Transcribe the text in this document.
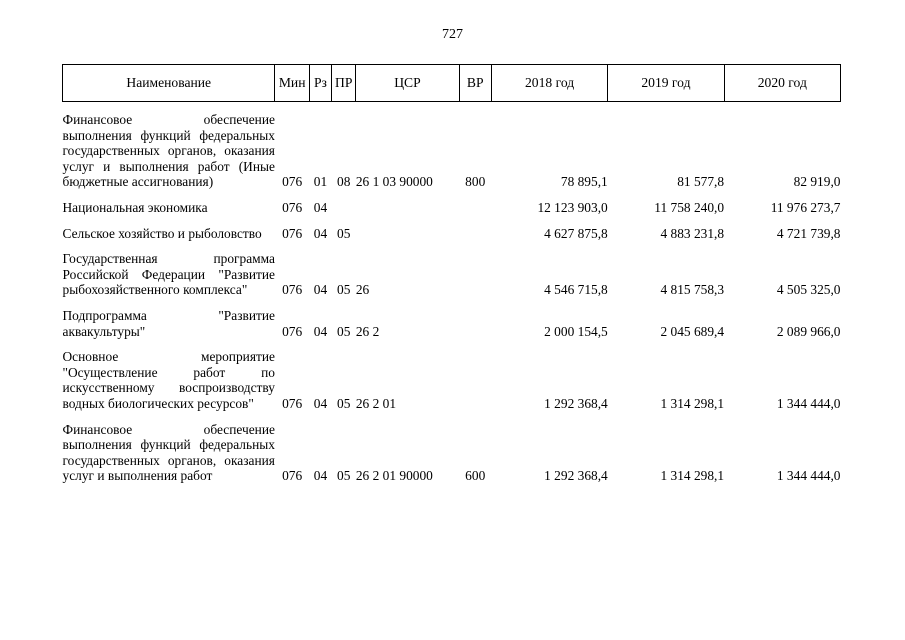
727
Наименование	Мин	Рз	ПР	ЦСР	ВР	2018 год	2019 год	2020 год

Финансовое обеспечение выполнения функций федеральных государственных органов, оказания услуг и выполнения работ (Иные бюджетные ассигнования)	076	01	08	26 1 03 90000	800	78 895,1	81 577,8	82 919,0

Национальная экономика	076	04				12 123 903,0	11 758 240,0	11 976 273,7

Сельское хозяйство и рыболовство	076	04	05			4 627 875,8	4 883 231,8	4 721 739,8

Государственная программа Российской Федерации "Развитие рыбохозяйственного комплекса"	076	04	05	26		4 546 715,8	4 815 758,3	4 505 325,0

Подпрограмма "Развитие аквакультуры"	076	04	05	26 2		2 000 154,5	2 045 689,4	2 089 966,0

Основное мероприятие "Осуществление работ по искусственному воспроизводству водных биологических ресурсов"	076	04	05	26 2 01		1 292 368,4	1 314 298,1	1 344 444,0

Финансовое обеспечение выполнения функций федеральных государственных органов, оказания услуг и выполнения работ	076	04	05	26 2 01 90000	600	1 292 368,4	1 314 298,1	1 344 444,0
